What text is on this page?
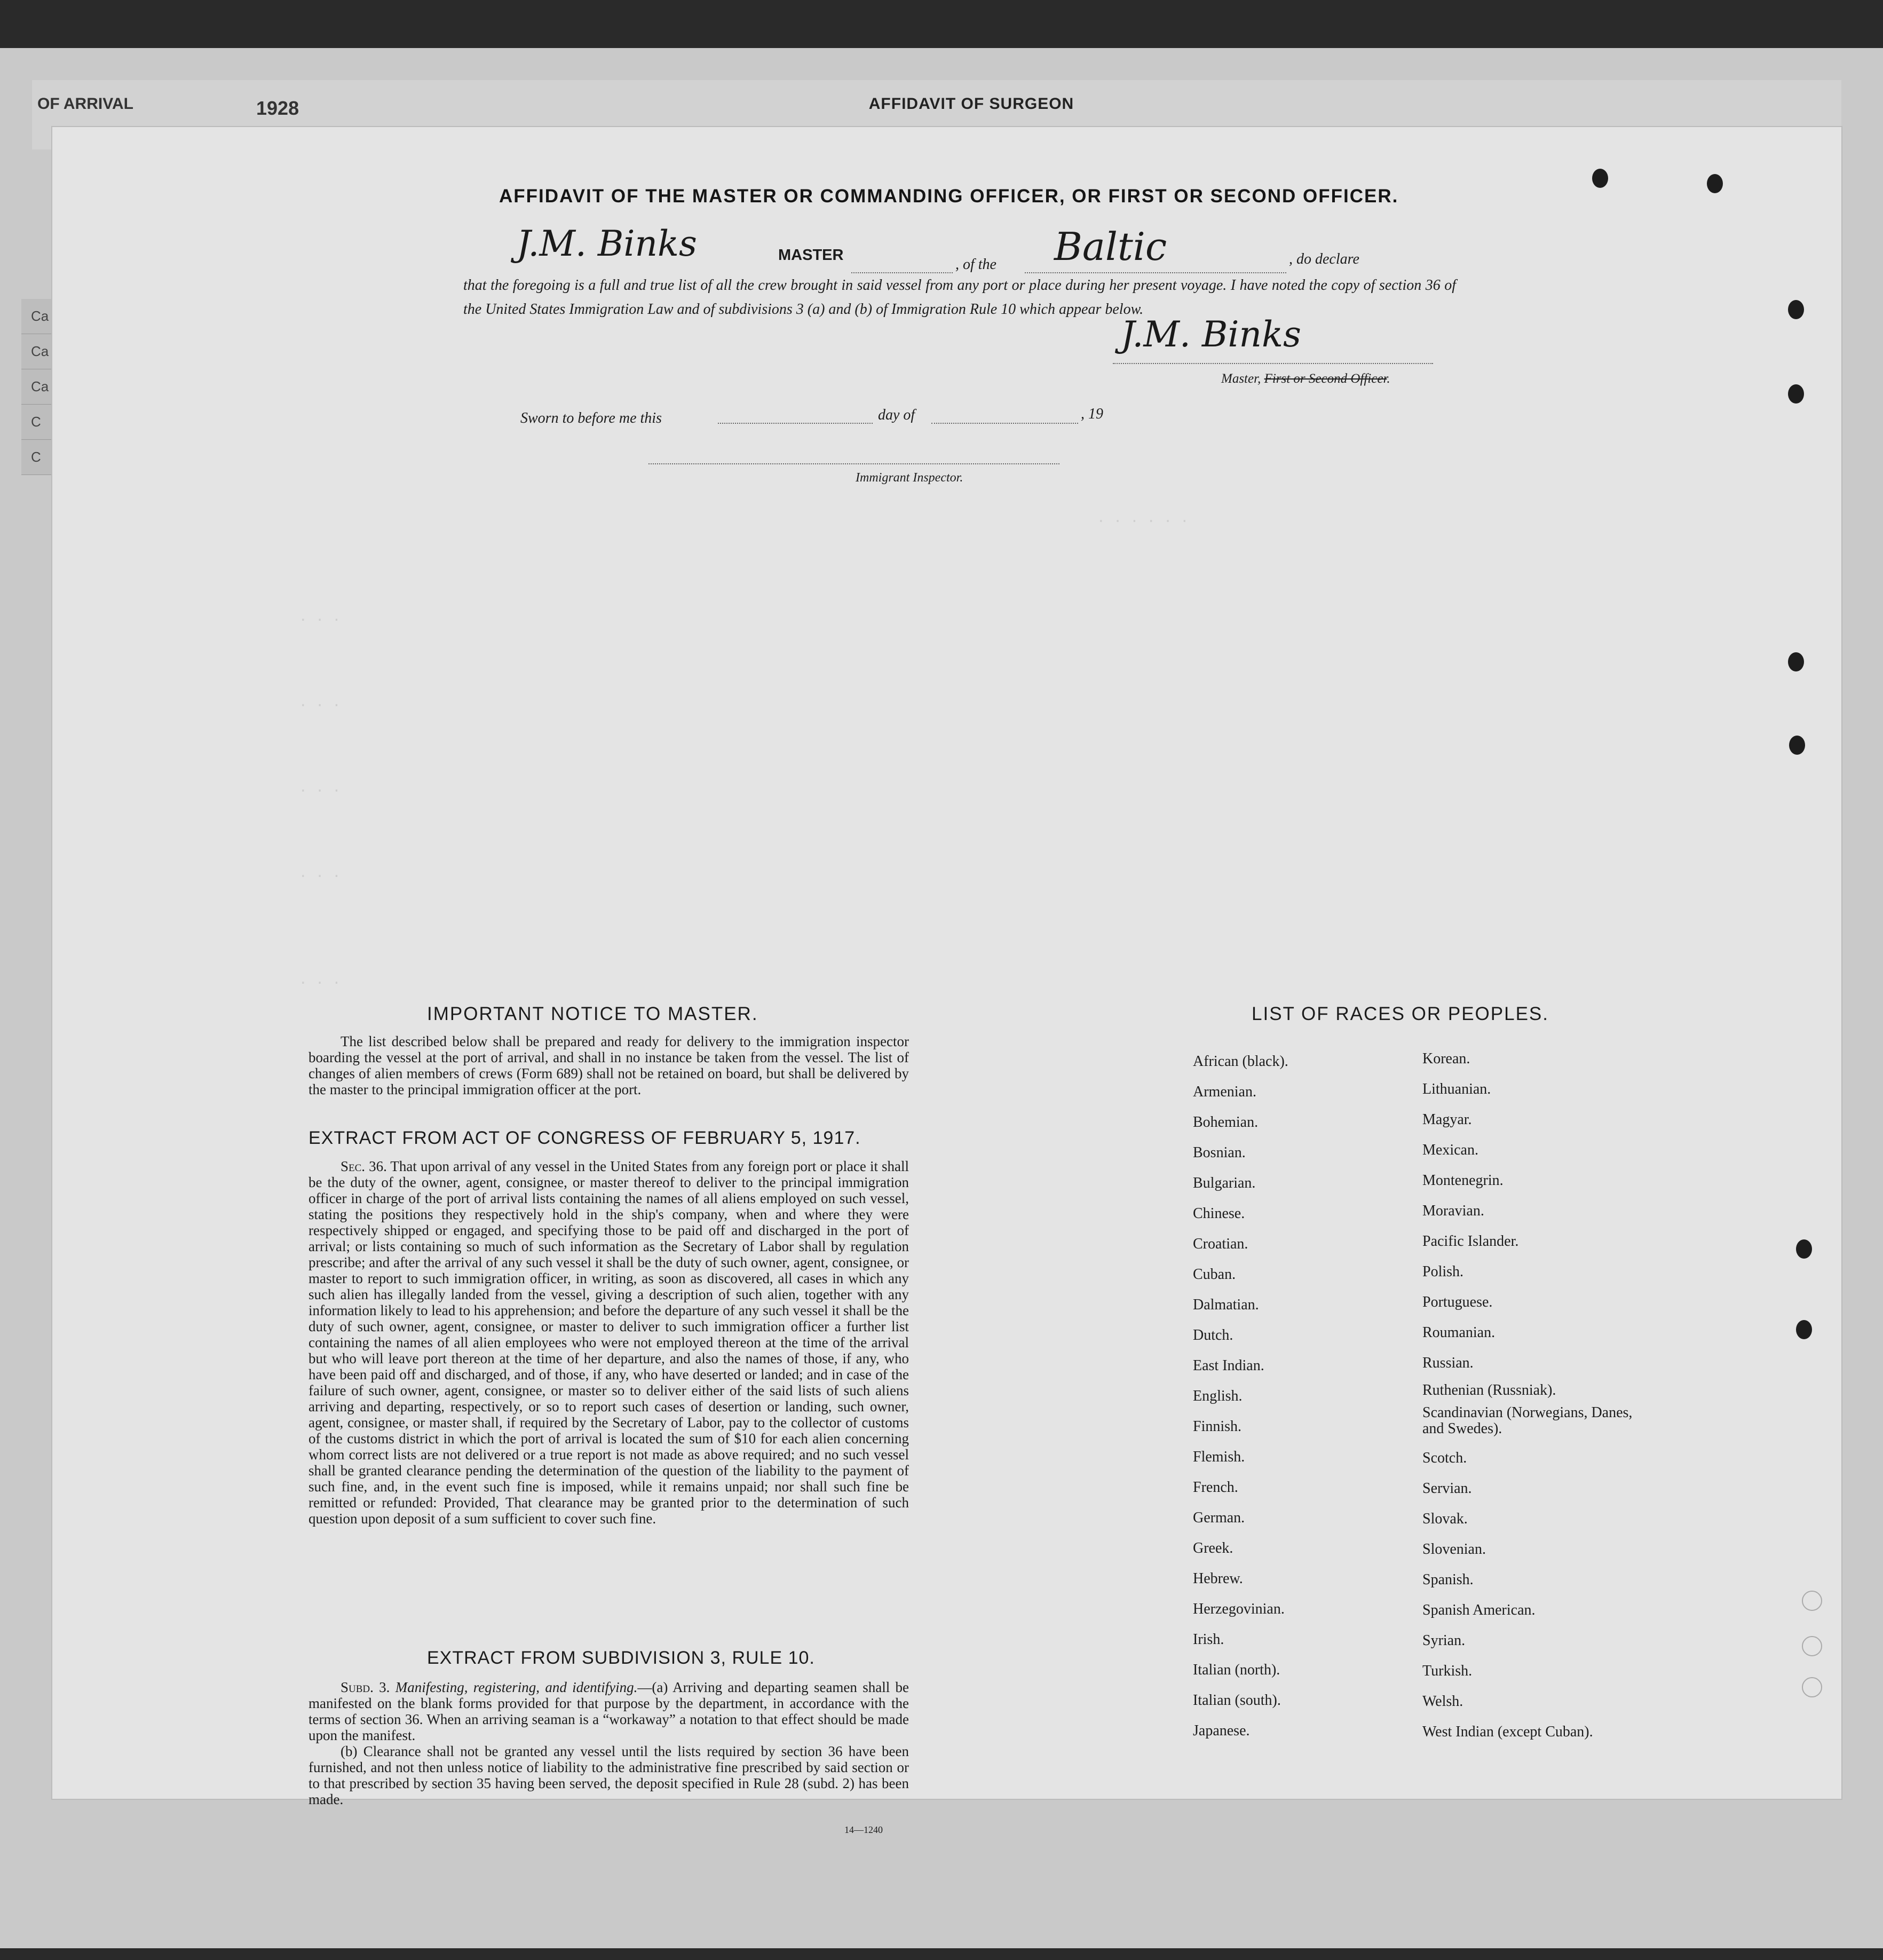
OF ARRIVAL	1928	AFFIDAVIT OF SURGEON
Ca
Ca
Ca
C
C
AFFIDAVIT OF THE MASTER OR COMMANDING OFFICER, OR FIRST OR SECOND OFFICER.
J.M. Binks	MASTER
, of the Baltic	, do declare
that the foregoing is a full and true list of all the crew brought in said vessel from any port or place during her present voyage. I have noted the copy of section 36 of the United States Immigration Law and of subdivisions 3 (a) and (b) of Immigration Rule 10 which appear below.
J.M. Binks
Master, First or Second Officer.
Sworn to before me this	day of	, 19
Immigrant Inspector.
. . . . . .
. . .
. . .
. . .
. . .
. . .
IMPORTANT NOTICE TO MASTER.

The list described below shall be prepared and ready for delivery to the immigration inspector boarding the vessel at the port of arrival, and shall in no instance be taken from the vessel. The list of changes of alien members of crews (Form 689) shall not be retained on board, but shall be delivered by the master to the principal immigration officer at the port.

EXTRACT FROM ACT OF CONGRESS OF FEBRUARY 5, 1917.

Sec. 36. That upon arrival of any vessel in the United States from any foreign port or place it shall be the duty of the owner, agent, consignee, or master thereof to deliver to the principal immigration officer in charge of the port of arrival lists containing the names of all aliens employed on such vessel, stating the positions they respectively hold in the ship's company, when and where they were respectively shipped or engaged, and specifying those to be paid off and discharged in the port of arrival; or lists containing so much of such information as the Secretary of Labor shall by regulation prescribe; and after the arrival of any such vessel it shall be the duty of such owner, agent, consignee, or master to report to such immigration officer, in writing, as soon as discovered, all cases in which any such alien has illegally landed from the vessel, giving a description of such alien, together with any information likely to lead to his apprehension; and before the departure of any such vessel it shall be the duty of such owner, agent, consignee, or master to deliver to such immigration officer a further list containing the names of all alien employees who were not employed thereon at the time of the arrival but who will leave port thereon at the time of her departure, and also the names of those, if any, who have been paid off and discharged, and of those, if any, who have deserted or landed; and in case of the failure of such owner, agent, consignee, or master so to deliver either of the said lists of such aliens arriving and departing, respectively, or so to report such cases of desertion or landing, such owner, agent, consignee, or master shall, if required by the Secretary of Labor, pay to the collector of customs of the customs district in which the port of arrival is located the sum of $10 for each alien concerning whom correct lists are not delivered or a true report is not made as above required; and no such vessel shall be granted clearance pending the determination of the question of the liability to the payment of such fine, and, in the event such fine is imposed, while it remains unpaid; nor shall such fine be remitted or refunded: Provided, That clearance may be granted prior to the determination of such question upon deposit of a sum sufficient to cover such fine.

EXTRACT FROM SUBDIVISION 3, RULE 10.

Subd. 3. Manifesting, registering, and identifying.—(a) Arriving and departing seamen shall be manifested on the blank forms provided for that purpose by the department, in accordance with the terms of section 36. When an arriving seaman is a “workaway” a notation to that effect should be made upon the manifest.

(b) Clearance shall not be granted any vessel until the lists required by section 36 have been furnished, and not then unless notice of liability to the administrative fine prescribed by said section or to that prescribed by section 35 having been served, the deposit specified in Rule 28 (subd. 2) has been made.

14—1240
LIST OF RACES OR PEOPLES.
African (black).
Armenian.
Bohemian.
Bosnian.
Bulgarian.
Chinese.
Croatian.
Cuban.
Dalmatian.
Dutch.
East Indian.
English.
Finnish.
Flemish.
French.
German.
Greek.
Hebrew.
Herzegovinian.
Irish.
Italian (north).
Italian (south).
Japanese.
Korean.
Lithuanian.
Magyar.
Mexican.
Montenegrin.
Moravian.
Pacific Islander.
Polish.
Portuguese.
Roumanian.
Russian.
Ruthenian (Russniak).
Scandinavian (Norwegians, Danes, and Swedes).
Scotch.
Servian.
Slovak.
Slovenian.
Spanish.
Spanish American.
Syrian.
Turkish.
Welsh.
West Indian (except Cuban).
